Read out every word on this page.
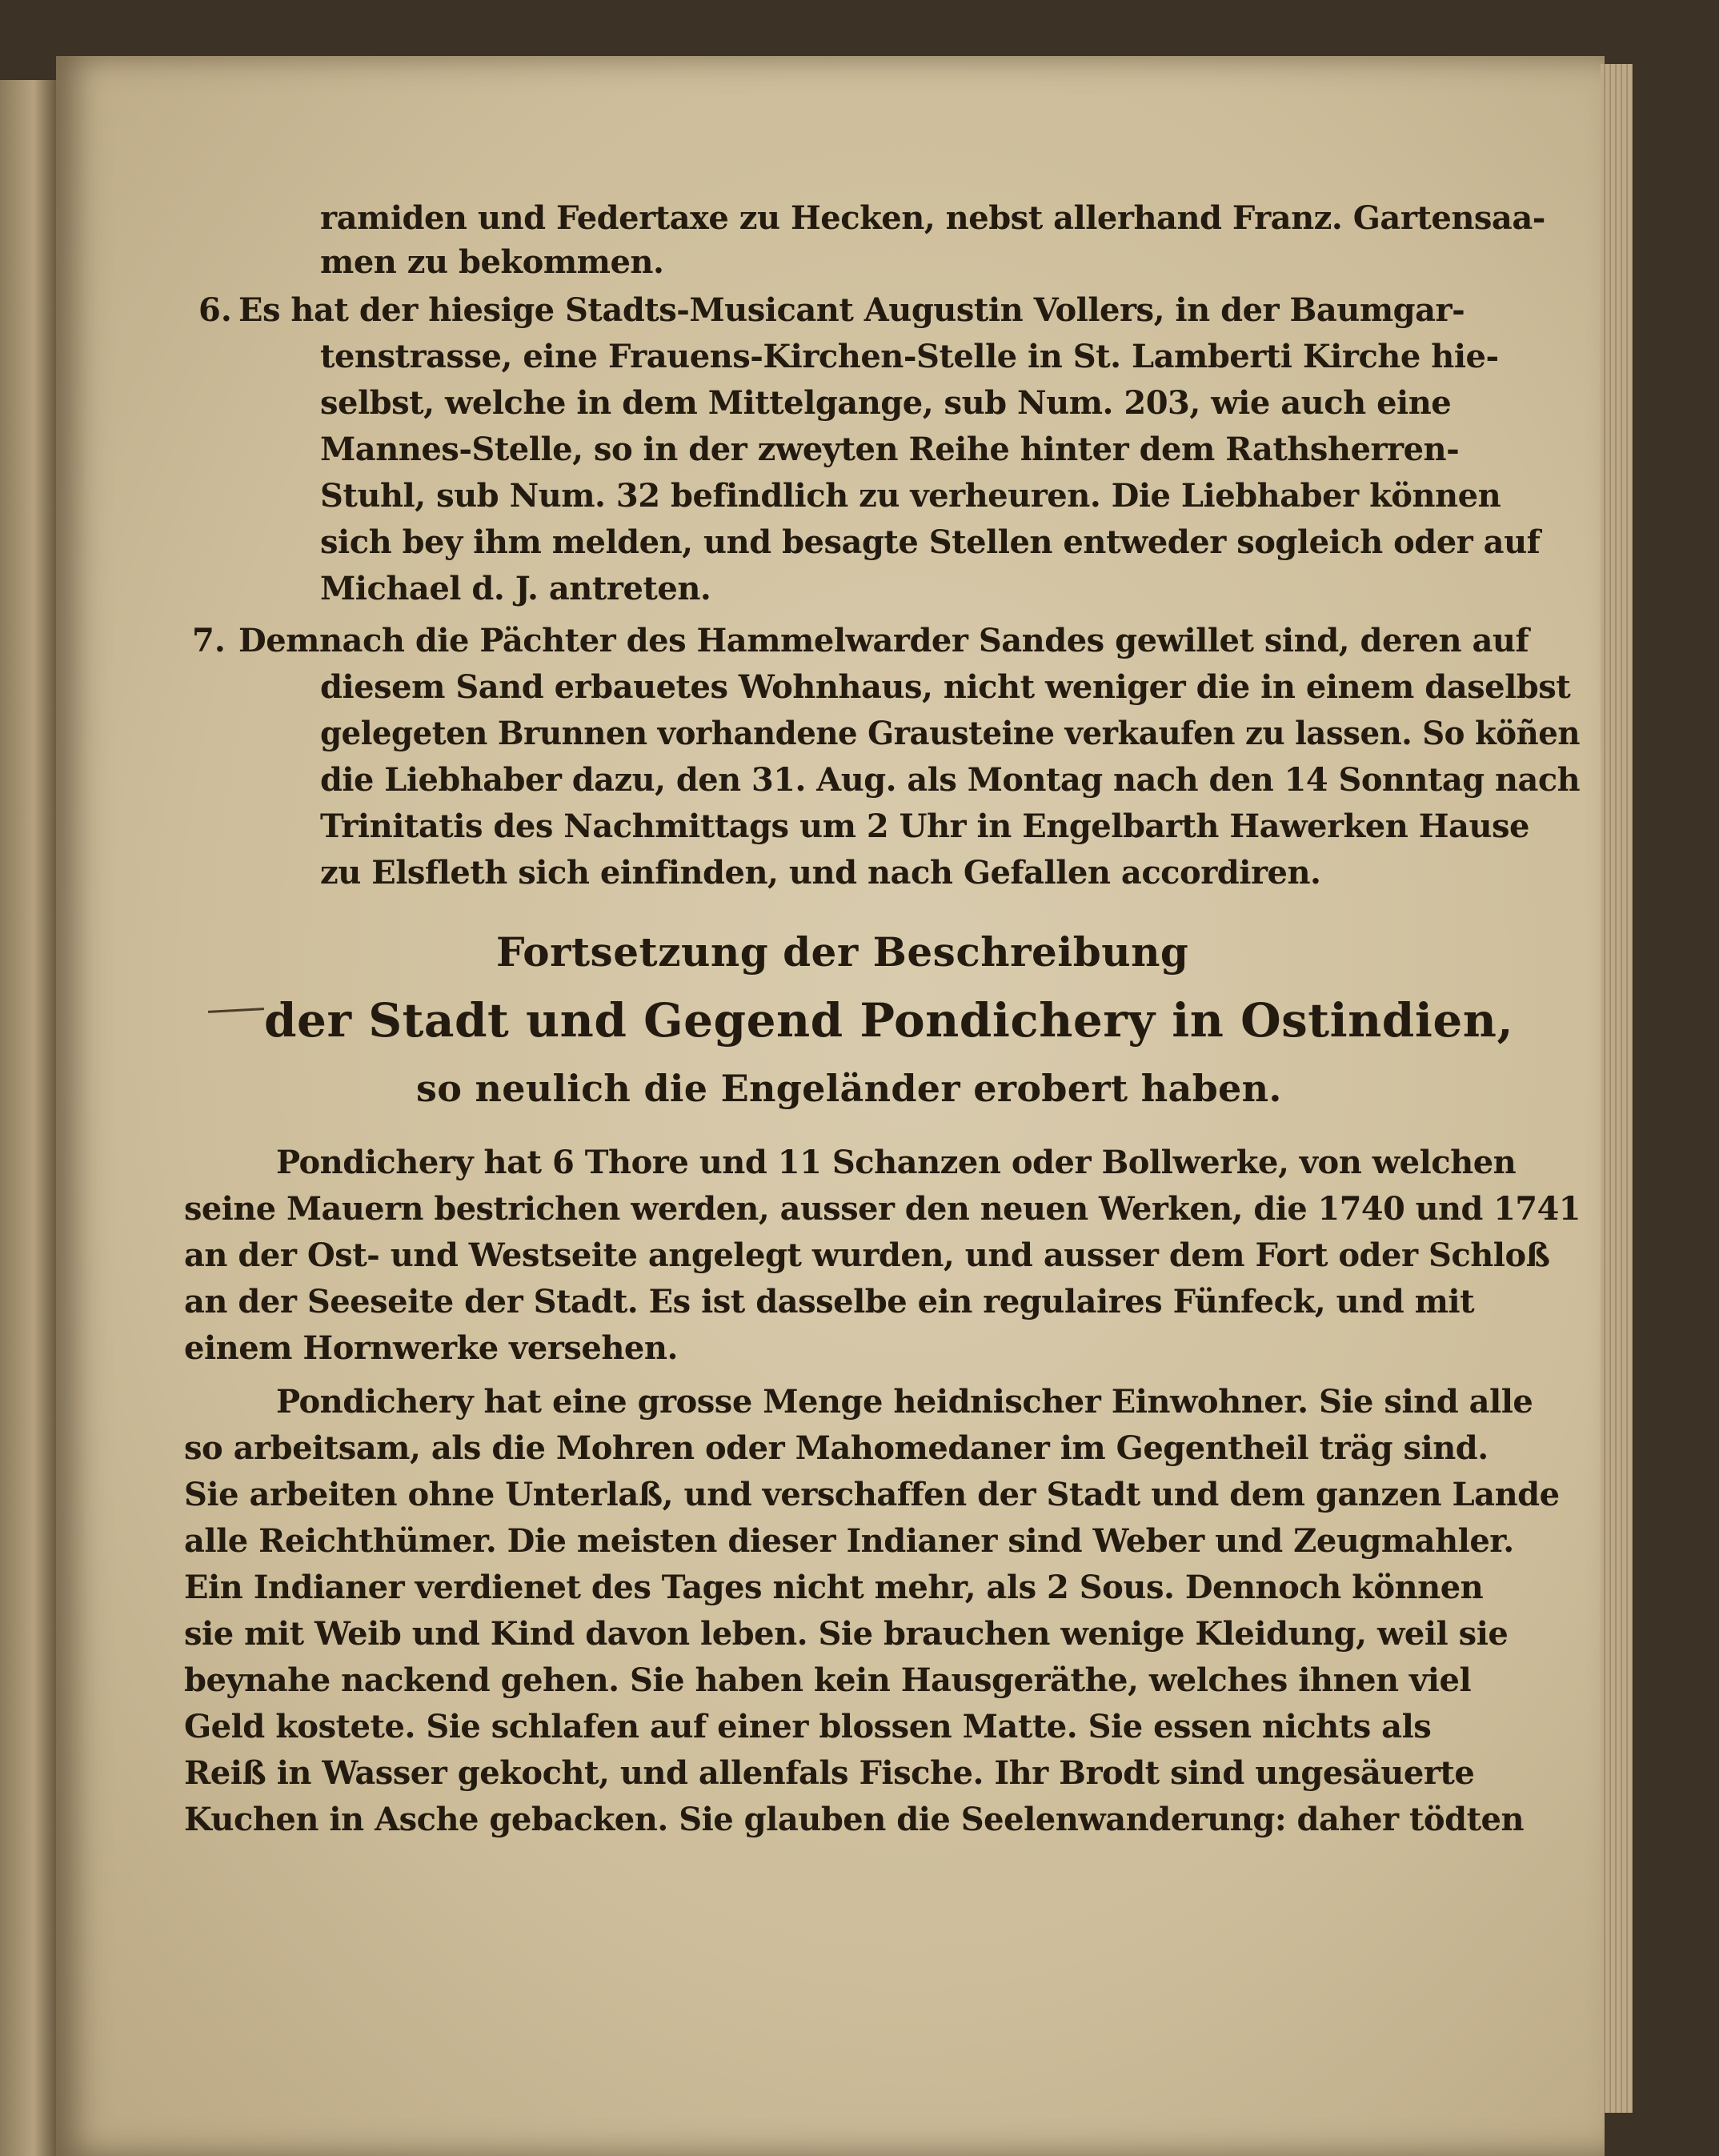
ramiden und Federtaxe zu Hecken, nebst allerhand Franz. Gartensaa-
men zu bekommen.
6. Es hat der hiesige Stadts-Musicant Augustin Vollers, in der Baumgar-
tenstrasse, eine Frauens-Kirchen-Stelle in St. Lamberti Kirche hie-
selbst, welche in dem Mittelgange, sub Num. 203, wie auch eine
Mannes-Stelle, so in der zweyten Reihe hinter dem Rathsherren-
Stuhl, sub Num. 32 befindlich zu verheuren. Die Liebhaber können
sich bey ihm melden, und besagte Stellen entweder sogleich oder auf
Michael d. J. antreten.
7. Demnach die Pächter des Hammelwarder Sandes gewillet sind, deren auf
diesem Sand erbauetes Wohnhaus, nicht weniger die in einem daselbst
gelegeten Brunnen vorhandene Grausteine verkaufen zu lassen. So köñen
die Liebhaber dazu, den 31. Aug. als Montag nach den 14 Sonntag nach
Trinitatis des Nachmittags um 2 Uhr in Engelbarth Hawerken Hause
zu Elsfleth sich einfinden, und nach Gefallen accordiren.
Fortsetzung der Beschreibung
der Stadt und Gegend Pondichery in Ostindien,
so neulich die Engeländer erobert haben.
Pondichery hat 6 Thore und 11 Schanzen oder Bollwerke, von welchen
seine Mauern bestrichen werden, ausser den neuen Werken, die 1740 und 1741
an der Ost- und Westseite angelegt wurden, und ausser dem Fort oder Schloß
an der Seeseite der Stadt. Es ist dasselbe ein regulaires Fünfeck, und mit
einem Hornwerke versehen.
Pondichery hat eine grosse Menge heidnischer Einwohner. Sie sind alle
so arbeitsam, als die Mohren oder Mahomedaner im Gegentheil träg sind.
Sie arbeiten ohne Unterlaß, und verschaffen der Stadt und dem ganzen Lande
alle Reichthümer. Die meisten dieser Indianer sind Weber und Zeugmahler.
Ein Indianer verdienet des Tages nicht mehr, als 2 Sous. Dennoch können
sie mit Weib und Kind davon leben. Sie brauchen wenige Kleidung, weil sie
beynahe nackend gehen. Sie haben kein Hausgeräthe, welches ihnen viel
Geld kostete. Sie schlafen auf einer blossen Matte. Sie essen nichts als
Reiß in Wasser gekocht, und allenfals Fische. Ihr Brodt sind ungesäuerte
Kuchen in Asche gebacken. Sie glauben die Seelenwanderung: daher tödten
